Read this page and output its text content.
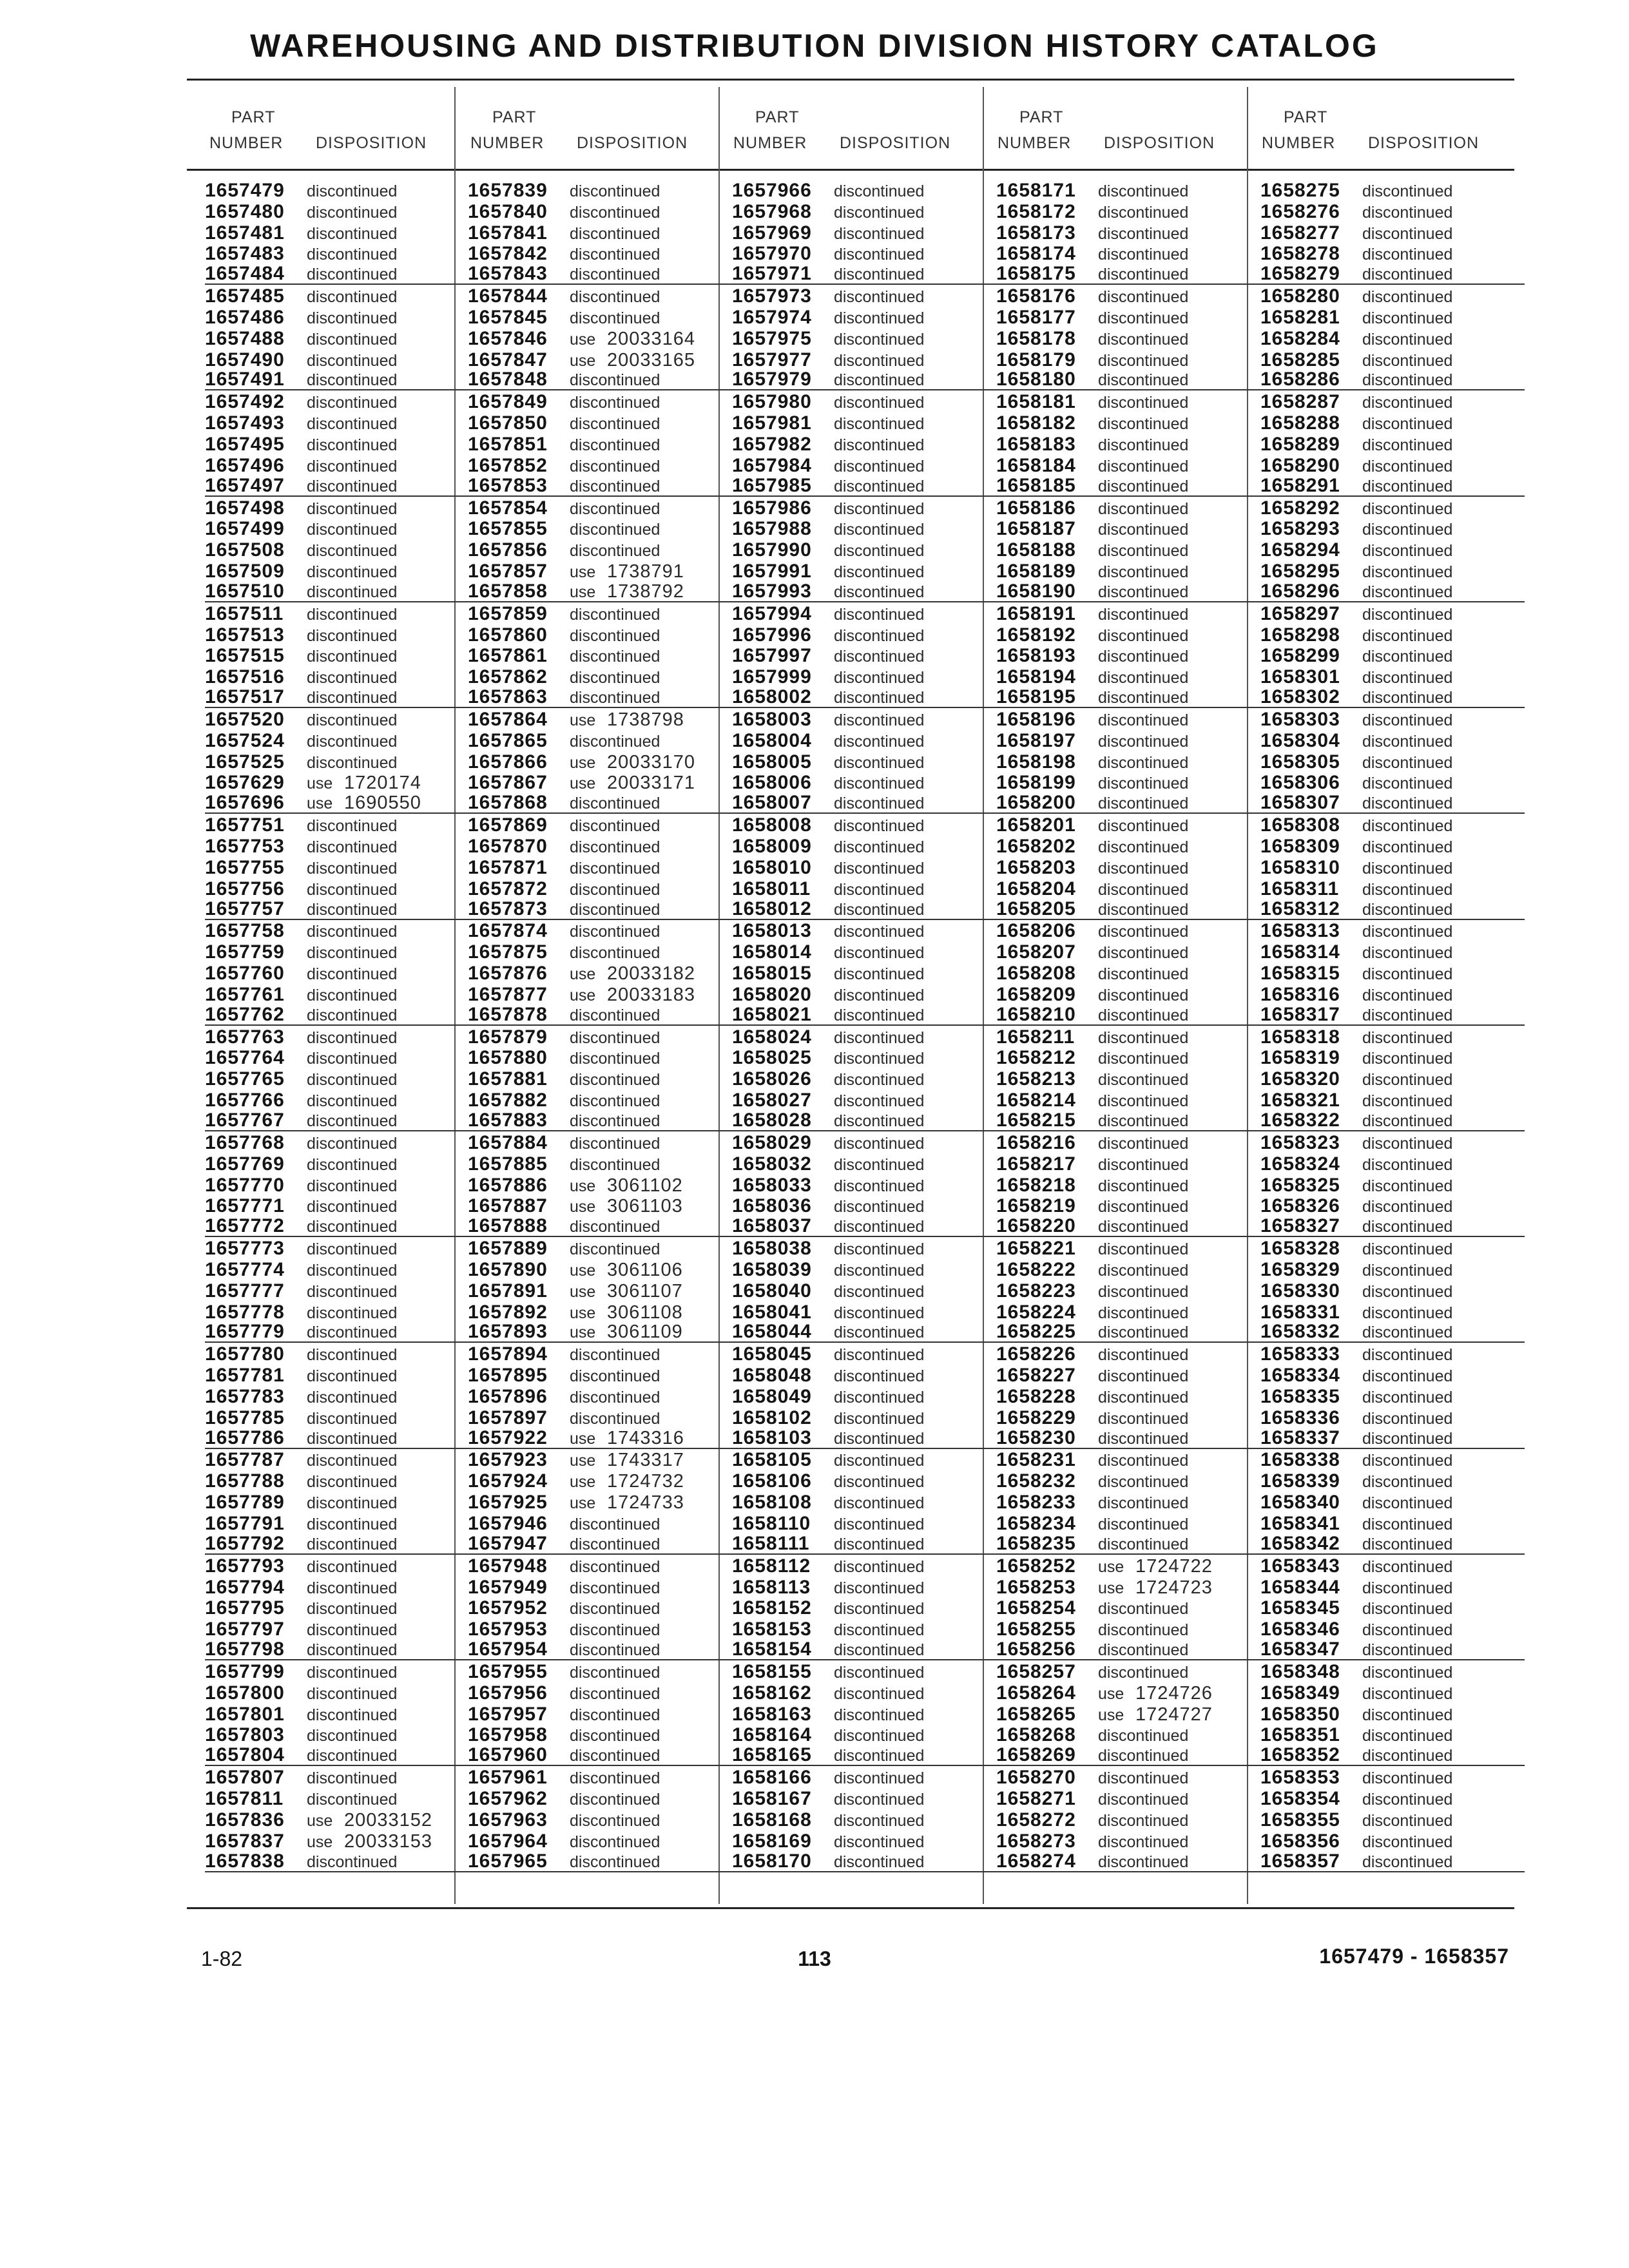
WAREHOUSING AND DISTRIBUTION DIVISION HISTORY CATALOG
PART
NUMBER DISPOSITION
PART
NUMBER DISPOSITION
PART
NUMBER DISPOSITION
PART
NUMBER DISPOSITION
PART
NUMBER DISPOSITION
1657479	discontinued
1657480	discontinued
1657481	discontinued
1657483	discontinued
1657484	discontinued
1657485	discontinued
1657486	discontinued
1657488	discontinued
1657490	discontinued
1657491	discontinued
1657492	discontinued
1657493	discontinued
1657495	discontinued
1657496	discontinued
1657497	discontinued
1657498	discontinued
1657499	discontinued
1657508	discontinued
1657509	discontinued
1657510	discontinued
1657511	discontinued
1657513	discontinued
1657515	discontinued
1657516	discontinued
1657517	discontinued
1657520	discontinued
1657524	discontinued
1657525	discontinued
1657629	use 1720174
1657696	use 1690550
1657751	discontinued
1657753	discontinued
1657755	discontinued
1657756	discontinued
1657757	discontinued
1657758	discontinued
1657759	discontinued
1657760	discontinued
1657761	discontinued
1657762	discontinued
1657763	discontinued
1657764	discontinued
1657765	discontinued
1657766	discontinued
1657767	discontinued
1657768	discontinued
1657769	discontinued
1657770	discontinued
1657771	discontinued
1657772	discontinued
1657773	discontinued
1657774	discontinued
1657777	discontinued
1657778	discontinued
1657779	discontinued
1657780	discontinued
1657781	discontinued
1657783	discontinued
1657785	discontinued
1657786	discontinued
1657787	discontinued
1657788	discontinued
1657789	discontinued
1657791	discontinued
1657792	discontinued
1657793	discontinued
1657794	discontinued
1657795	discontinued
1657797	discontinued
1657798	discontinued
1657799	discontinued
1657800	discontinued
1657801	discontinued
1657803	discontinued
1657804	discontinued
1657807	discontinued
1657811	discontinued
1657836	use 20033152
1657837	use 20033153
1657838	discontinued
1657839	discontinued
1657840	discontinued
1657841	discontinued
1657842	discontinued
1657843	discontinued
1657844	discontinued
1657845	discontinued
1657846	use 20033164
1657847	use 20033165
1657848	discontinued
1657849	discontinued
1657850	discontinued
1657851	discontinued
1657852	discontinued
1657853	discontinued
1657854	discontinued
1657855	discontinued
1657856	discontinued
1657857	use 1738791
1657858	use 1738792
1657859	discontinued
1657860	discontinued
1657861	discontinued
1657862	discontinued
1657863	discontinued
1657864	use 1738798
1657865	discontinued
1657866	use 20033170
1657867	use 20033171
1657868	discontinued
1657869	discontinued
1657870	discontinued
1657871	discontinued
1657872	discontinued
1657873	discontinued
1657874	discontinued
1657875	discontinued
1657876	use 20033182
1657877	use 20033183
1657878	discontinued
1657879	discontinued
1657880	discontinued
1657881	discontinued
1657882	discontinued
1657883	discontinued
1657884	discontinued
1657885	discontinued
1657886	use 3061102
1657887	use 3061103
1657888	discontinued
1657889	discontinued
1657890	use 3061106
1657891	use 3061107
1657892	use 3061108
1657893	use 3061109
1657894	discontinued
1657895	discontinued
1657896	discontinued
1657897	discontinued
1657922	use 1743316
1657923	use 1743317
1657924	use 1724732
1657925	use 1724733
1657946	discontinued
1657947	discontinued
1657948	discontinued
1657949	discontinued
1657952	discontinued
1657953	discontinued
1657954	discontinued
1657955	discontinued
1657956	discontinued
1657957	discontinued
1657958	discontinued
1657960	discontinued
1657961	discontinued
1657962	discontinued
1657963	discontinued
1657964	discontinued
1657965	discontinued
1657966	discontinued
1657968	discontinued
1657969	discontinued
1657970	discontinued
1657971	discontinued
1657973	discontinued
1657974	discontinued
1657975	discontinued
1657977	discontinued
1657979	discontinued
1657980	discontinued
1657981	discontinued
1657982	discontinued
1657984	discontinued
1657985	discontinued
1657986	discontinued
1657988	discontinued
1657990	discontinued
1657991	discontinued
1657993	discontinued
1657994	discontinued
1657996	discontinued
1657997	discontinued
1657999	discontinued
1658002	discontinued
1658003	discontinued
1658004	discontinued
1658005	discontinued
1658006	discontinued
1658007	discontinued
1658008	discontinued
1658009	discontinued
1658010	discontinued
1658011	discontinued
1658012	discontinued
1658013	discontinued
1658014	discontinued
1658015	discontinued
1658020	discontinued
1658021	discontinued
1658024	discontinued
1658025	discontinued
1658026	discontinued
1658027	discontinued
1658028	discontinued
1658029	discontinued
1658032	discontinued
1658033	discontinued
1658036	discontinued
1658037	discontinued
1658038	discontinued
1658039	discontinued
1658040	discontinued
1658041	discontinued
1658044	discontinued
1658045	discontinued
1658048	discontinued
1658049	discontinued
1658102	discontinued
1658103	discontinued
1658105	discontinued
1658106	discontinued
1658108	discontinued
1658110	discontinued
1658111	discontinued
1658112	discontinued
1658113	discontinued
1658152	discontinued
1658153	discontinued
1658154	discontinued
1658155	discontinued
1658162	discontinued
1658163	discontinued
1658164	discontinued
1658165	discontinued
1658166	discontinued
1658167	discontinued
1658168	discontinued
1658169	discontinued
1658170	discontinued
1658171	discontinued
1658172	discontinued
1658173	discontinued
1658174	discontinued
1658175	discontinued
1658176	discontinued
1658177	discontinued
1658178	discontinued
1658179	discontinued
1658180	discontinued
1658181	discontinued
1658182	discontinued
1658183	discontinued
1658184	discontinued
1658185	discontinued
1658186	discontinued
1658187	discontinued
1658188	discontinued
1658189	discontinued
1658190	discontinued
1658191	discontinued
1658192	discontinued
1658193	discontinued
1658194	discontinued
1658195	discontinued
1658196	discontinued
1658197	discontinued
1658198	discontinued
1658199	discontinued
1658200	discontinued
1658201	discontinued
1658202	discontinued
1658203	discontinued
1658204	discontinued
1658205	discontinued
1658206	discontinued
1658207	discontinued
1658208	discontinued
1658209	discontinued
1658210	discontinued
1658211	discontinued
1658212	discontinued
1658213	discontinued
1658214	discontinued
1658215	discontinued
1658216	discontinued
1658217	discontinued
1658218	discontinued
1658219	discontinued
1658220	discontinued
1658221	discontinued
1658222	discontinued
1658223	discontinued
1658224	discontinued
1658225	discontinued
1658226	discontinued
1658227	discontinued
1658228	discontinued
1658229	discontinued
1658230	discontinued
1658231	discontinued
1658232	discontinued
1658233	discontinued
1658234	discontinued
1658235	discontinued
1658252	use 1724722
1658253	use 1724723
1658254	discontinued
1658255	discontinued
1658256	discontinued
1658257	discontinued
1658264	use 1724726
1658265	use 1724727
1658268	discontinued
1658269	discontinued
1658270	discontinued
1658271	discontinued
1658272	discontinued
1658273	discontinued
1658274	discontinued
1658275	discontinued
1658276	discontinued
1658277	discontinued
1658278	discontinued
1658279	discontinued
1658280	discontinued
1658281	discontinued
1658284	discontinued
1658285	discontinued
1658286	discontinued
1658287	discontinued
1658288	discontinued
1658289	discontinued
1658290	discontinued
1658291	discontinued
1658292	discontinued
1658293	discontinued
1658294	discontinued
1658295	discontinued
1658296	discontinued
1658297	discontinued
1658298	discontinued
1658299	discontinued
1658301	discontinued
1658302	discontinued
1658303	discontinued
1658304	discontinued
1658305	discontinued
1658306	discontinued
1658307	discontinued
1658308	discontinued
1658309	discontinued
1658310	discontinued
1658311	discontinued
1658312	discontinued
1658313	discontinued
1658314	discontinued
1658315	discontinued
1658316	discontinued
1658317	discontinued
1658318	discontinued
1658319	discontinued
1658320	discontinued
1658321	discontinued
1658322	discontinued
1658323	discontinued
1658324	discontinued
1658325	discontinued
1658326	discontinued
1658327	discontinued
1658328	discontinued
1658329	discontinued
1658330	discontinued
1658331	discontinued
1658332	discontinued
1658333	discontinued
1658334	discontinued
1658335	discontinued
1658336	discontinued
1658337	discontinued
1658338	discontinued
1658339	discontinued
1658340	discontinued
1658341	discontinued
1658342	discontinued
1658343	discontinued
1658344	discontinued
1658345	discontinued
1658346	discontinued
1658347	discontinued
1658348	discontinued
1658349	discontinued
1658350	discontinued
1658351	discontinued
1658352	discontinued
1658353	discontinued
1658354	discontinued
1658355	discontinued
1658356	discontinued
1658357	discontinued
1-82	113	1657479 - 1658357
